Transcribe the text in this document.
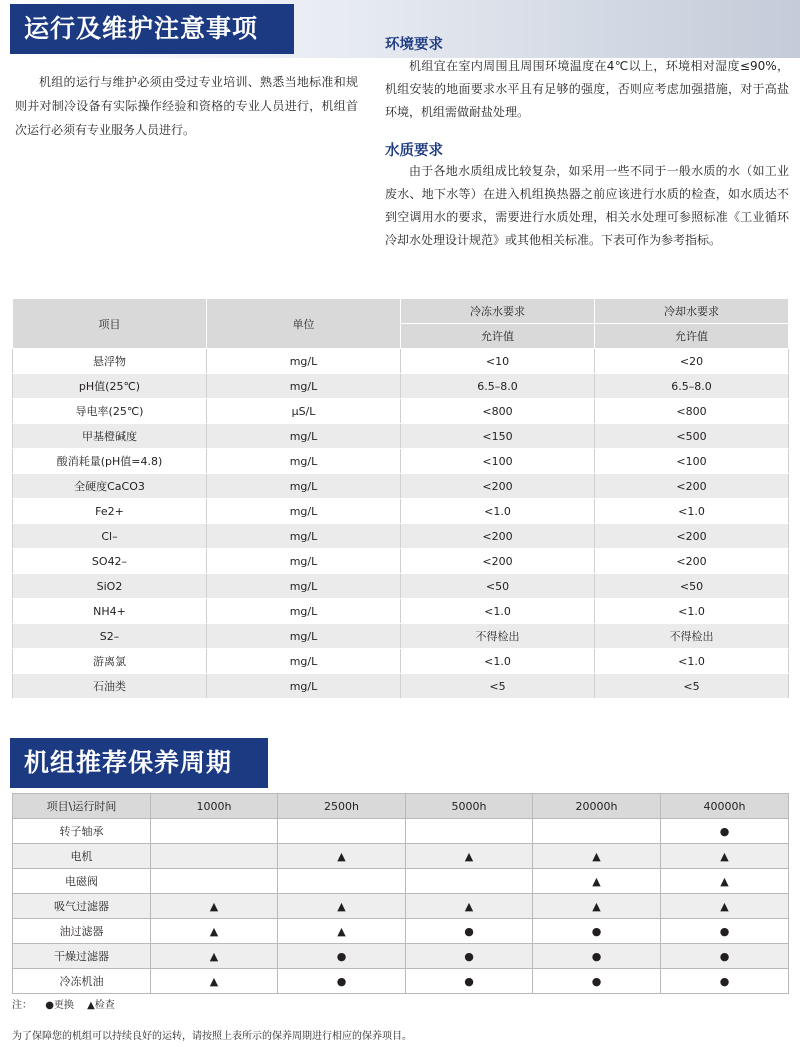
运行及维护注意事项

机组的运行与维护必须由受过专业培训、熟悉当地标准和规则并对制冷设备有实际操作经验和资格的专业人员进行，机组首次运行必须有专业服务人员进行。

环境要求

机组宜在室内周围且周围环境温度在4℃以上，环境相对湿度≤90%，机组安装的地面要求水平且有足够的强度，否则应考虑加强措施，对于高盐环境，机组需做耐盐处理。

水质要求

由于各地水质组成比较复杂，如采用一些不同于一般水质的水（如工业废水、地下水等）在进入机组换热器之前应该进行水质的检查，如水质达不到空调用水的要求，需要进行水质处理，相关水处理可参照标准《工业循环冷却水处理设计规范》或其他相关标准。下表可作为参考指标。

项目	单位	冷冻水要求	冷却水要求
		允许值	允许值
悬浮物	mg/L	<10	<20
pH值(25℃)	mg/L	6.5–8.0	6.5–8.0
导电率(25℃)	μS/L	<800	<800
甲基橙碱度	mg/L	<150	<500
酸消耗量(pH值=4.8)	mg/L	<100	<100
全硬度CaCO3	mg/L	<200	<200
Fe2+	mg/L	<1.0	<1.0
Cl–	mg/L	<200	<200
SO42–	mg/L	<200	<200
SiO2	mg/L	<50	<50
NH4+	mg/L	<1.0	<1.0
S2–	mg/L	不得检出	不得检出
游离氯	mg/L	<1.0	<1.0
石油类	mg/L	<5	<5
机组推荐保养周期
项目\运行时间	1000h	2500h	5000h	20000h	40000h
转子轴承					●
电机		▲	▲	▲	▲
电磁阀				▲	▲
吸气过滤器	▲	▲	▲	▲	▲
油过滤器	▲	▲	●	●	●
干燥过滤器	▲	●	●	●	●
冷冻机油	▲	●	●	●	●
注： ●更换 ▲检查
为了保障您的机组可以持续良好的运转，请按照上表所示的保养周期进行相应的保养项目。
